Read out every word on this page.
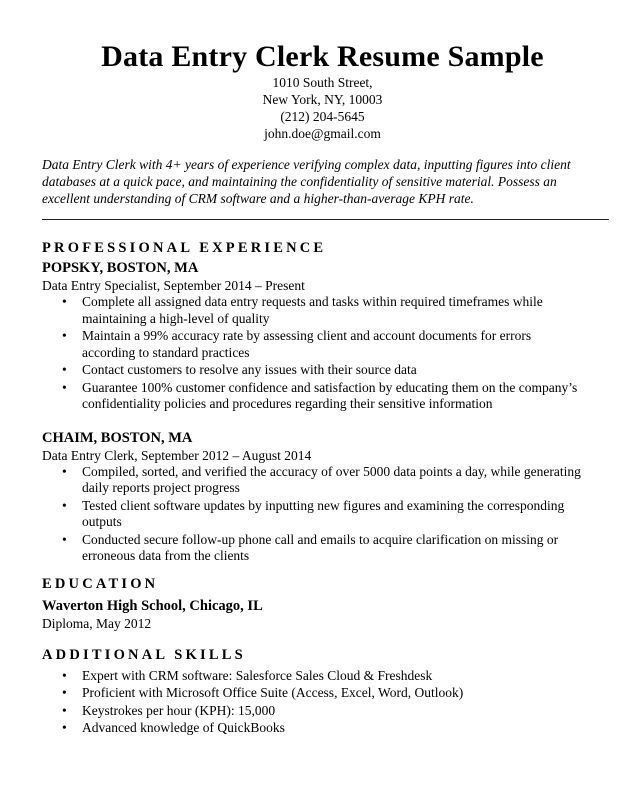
Data Entry Clerk Resume Sample
1010 South Street,
New York, NY, 10003
(212) 204-5645
john.doe@gmail.com
Data Entry Clerk with 4+ years of experience verifying complex data, inputting figures into client databases at a quick pace, and maintaining the confidentiality of sensitive material. Possess an excellent understanding of CRM software and a higher-than-average KPH rate.
PROFESSIONAL EXPERIENCE
POPSKY, BOSTON, MA
Data Entry Specialist, September 2014 – Present
• Complete all assigned data entry requests and tasks within required timeframes while maintaining a high-level of quality
• Maintain a 99% accuracy rate by assessing client and account documents for errors according to standard practices
• Contact customers to resolve any issues with their source data
• Guarantee 100% customer confidence and satisfaction by educating them on the company’s confidentiality policies and procedures regarding their sensitive information
CHAIM, BOSTON, MA
Data Entry Clerk, September 2012 – August 2014
• Compiled, sorted, and verified the accuracy of over 5000 data points a day, while generating daily reports project progress
• Tested client software updates by inputting new figures and examining the corresponding outputs
• Conducted secure follow-up phone call and emails to acquire clarification on missing or erroneous data from the clients
EDUCATION
Waverton High School, Chicago, IL
Diploma, May 2012
ADDITIONAL SKILLS
• Expert with CRM software: Salesforce Sales Cloud & Freshdesk
• Proficient with Microsoft Office Suite (Access, Excel, Word, Outlook)
• Keystrokes per hour (KPH): 15,000
• Advanced knowledge of QuickBooks
